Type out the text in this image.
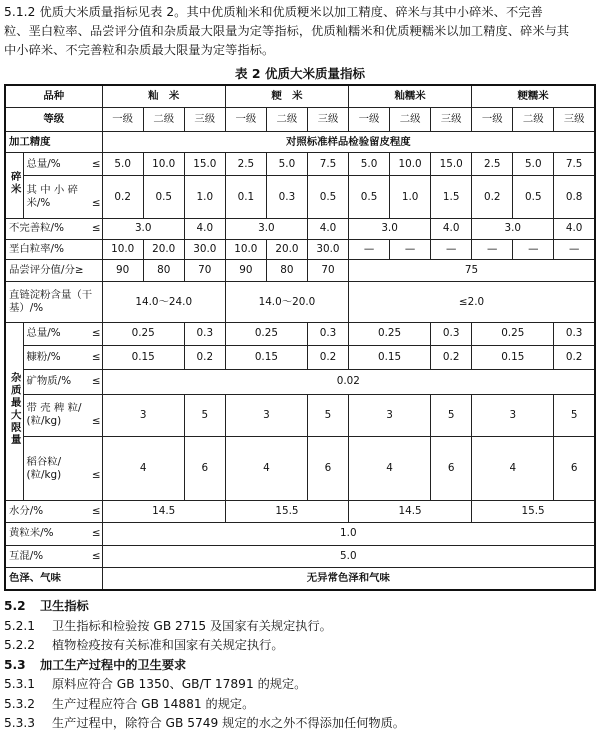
5.1.2 优质大米质量指标见表 2。其中优质籼米和优质粳米以加工精度、碎米与其中小碎米、不完善
粒、垩白粒率、品尝评分值和杂质最大限量为定等指标，优质籼糯米和优质粳糯米以加工精度、碎米与其
中小碎米、不完善粒和杂质最大限量为定等指标。
表 2 优质大米质量指标
品种		籼　米			粳　米			籼糯米			粳糯米		
等级		一级	二级	三级	一级	二级	三级	一级	二级	三级	一级	二级	三级
加工精度		对照标准样品检验留皮程度											
碎米	总量/% ≤	5.0	10.0	15.0	2.5	5.0	7.5	5.0	10.0	15.0	2.5	5.0	7.5

	其 中 小 碎
米/% ≤	0.2	0.5	1.0	0.1	0.3	0.5	0.5	1.0	1.5	0.2	0.5	0.8

不完善粒/% ≤		3.0		4.0	3.0		4.0	3.0		4.0	3.0		4.0
垩白粒率/%		10.0	20.0	30.0	10.0	20.0	30.0	—	—	—	—	—	—
品尝评分值/分≥		90	80	70	90	80	70	75					

直链淀粉含量（干
基）/%		14.0～24.0			14.0～20.0			≤2.0					
杂质最大限量	总量/% ≤	0.25		0.3	0.25		0.3	0.25		0.3	0.25		0.3

	糠粉/% ≤	0.15		0.2	0.15		0.2	0.15		0.2	0.15		0.2

	矿物质/% ≤	0.02											

	带 壳 稗 粒/
(粒/kg) ≤	3		5	3		5	3		5	3		5

	稻谷粒/
(粒/kg) ≤	4		6	4		6	4		6	4		6

水分/% ≤		14.5			15.5			14.5			15.5		

黄粒米/% ≤		1.0											

互混/% ≤		5.0											
色泽、气味		无异常色泽和气味											
5.2 卫生指标
5.2.1 卫生指标和检验按 GB 2715 及国家有关规定执行。
5.2.2 植物检疫按有关标准和国家有关规定执行。
5.3 加工生产过程中的卫生要求
5.3.1 原料应符合 GB 1350、GB/T 17891 的规定。
5.3.2 生产过程应符合 GB 14881 的规定。
5.3.3 生产过程中，除符合 GB 5749 规定的水之外不得添加任何物质。
